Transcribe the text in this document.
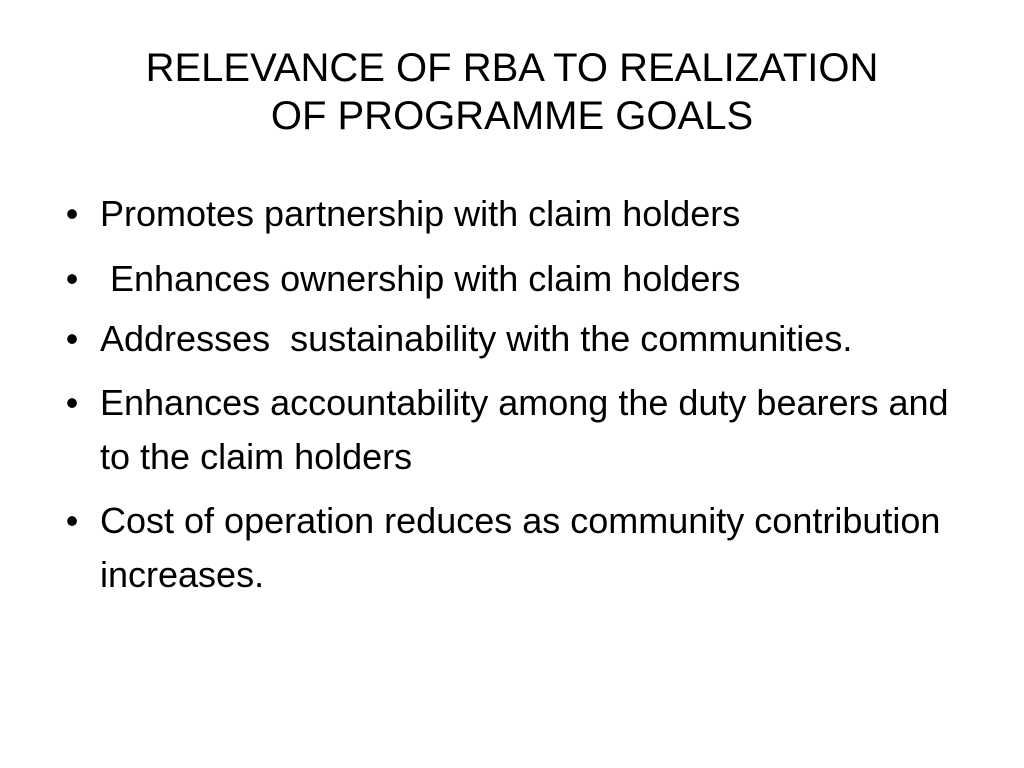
RELEVANCE OF RBA TO REALIZATION
OF PROGRAMME GOALS
• Promotes partnership with claim holders
• Enhances ownership with claim holders
• Addresses  sustainability with the communities.
• Enhances accountability among the duty bearers and to the claim holders
• Cost of operation reduces as community contribution increases.
